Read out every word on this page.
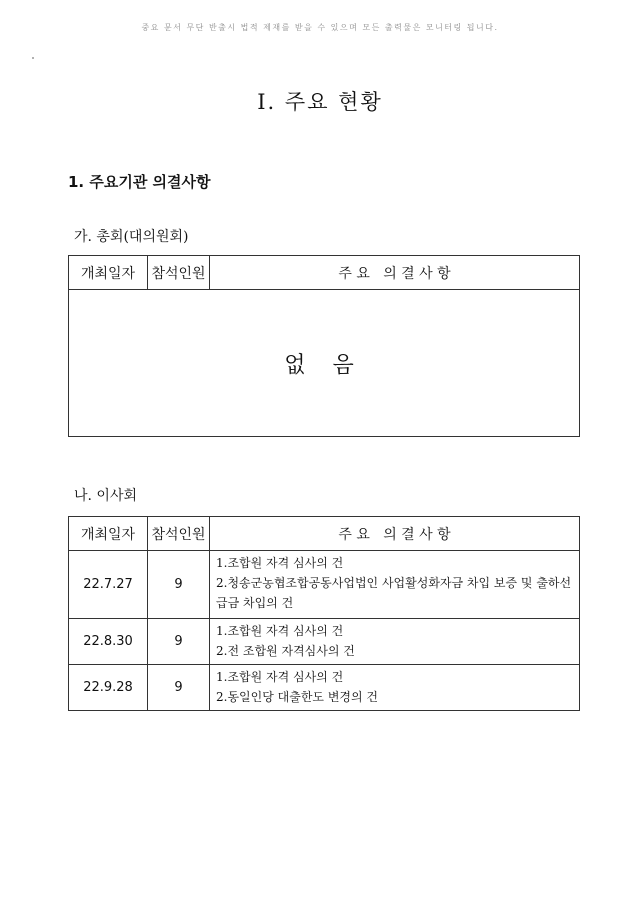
중요 문서 무단 반출시 법적 제재를 받을 수 있으며 모든 출력물은 모니터링 됩니다.
I. 주요 현황
1. 주요기관 의결사항
가. 총회(대의원회)
개최일자	참석인원	주 요   의 결 사 항
없 음
나. 이사회
개최일자	참석인원	주 요   의 결 사 항
22.7.27	9	1.조합원 자격 심사의 건
2.청송군농협조합공동사업법인 사업활성화자금 차입 보증 및 출하선급금 차입의 건

22.8.30	9	1.조합원 자격 심사의 건
2.전 조합원 자격심사의 건

22.9.28	9	1.조합원 자격 심사의 건
2.동일인당 대출한도 변경의 건
